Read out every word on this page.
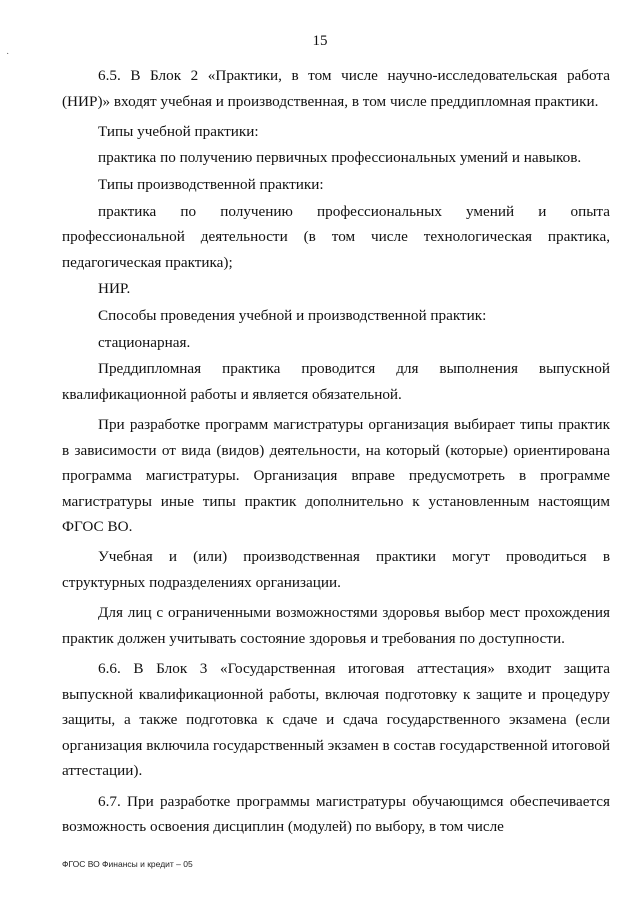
˙
15

6.5. В Блок 2 «Практики, в том числе научно-исследовательская работа (НИР)» входят учебная и производственная, в том числе преддипломная практики.

Типы учебной практики:

практика по получению первичных профессиональных умений и навыков.

Типы производственной практики:

практика по получению профессиональных умений и опыта профессиональной деятельности (в том числе технологическая практика, педагогическая практика);

НИР.

Способы проведения учебной и производственной практик:

стационарная.

Преддипломная практика проводится для выполнения выпускной квалификационной работы и является обязательной.

При разработке программ магистратуры организация выбирает типы практик в зависимости от вида (видов) деятельности, на который (которые) ориентирована программа магистратуры. Организация вправе предусмотреть в программе магистратуры иные типы практик дополнительно к установленным настоящим ФГОС ВО.

Учебная и (или) производственная практики могут проводиться в структурных подразделениях организации.

Для лиц с ограниченными возможностями здоровья выбор мест прохождения практик должен учитывать состояние здоровья и требования по доступности.

6.6. В Блок 3 «Государственная итоговая аттестация» входит защита выпускной квалификационной работы, включая подготовку к защите и процедуру защиты, а также подготовка к сдаче и сдача государственного экзамена (если организация включила государственный экзамен в состав государственной итоговой аттестации).

6.7. При разработке программы магистратуры обучающимся обеспечивается возможность освоения дисциплин (модулей) по выбору, в том числе

ФГОС ВО Финансы и кредит – 05
